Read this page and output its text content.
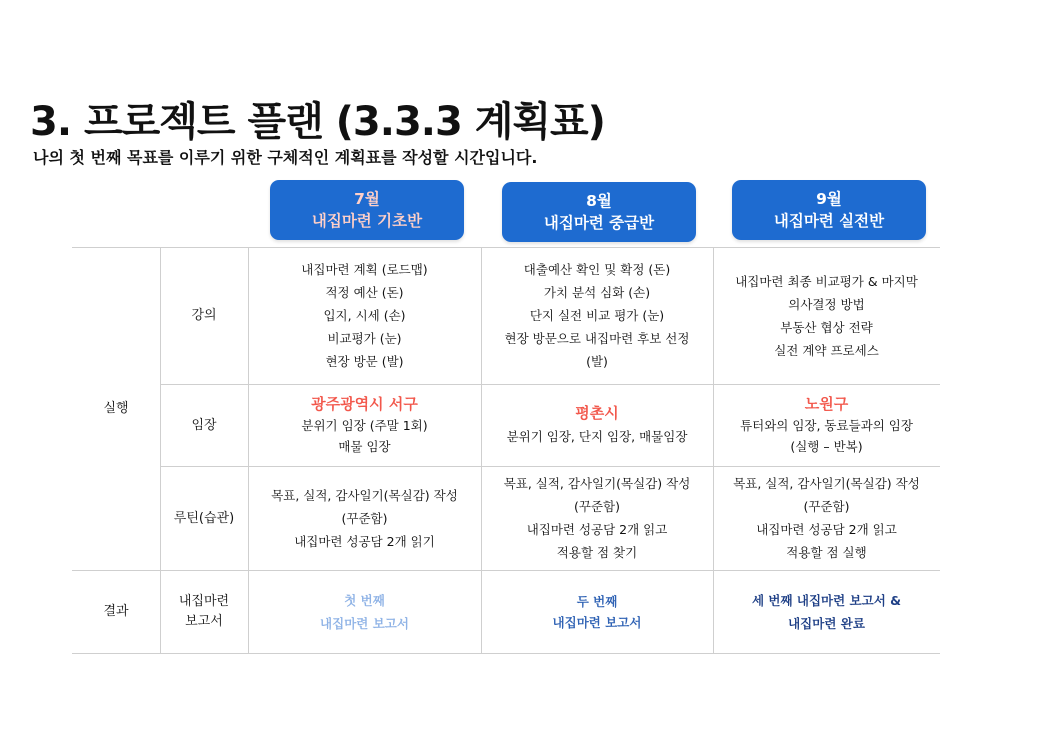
3. 프로젝트 플랜 (3.3.3 계획표)
나의 첫 번째 목표를 이루기 위한 구체적인 계획표를 작성할 시간입니다.
7월
내집마련 기초반
8월
내집마련 중급반
9월
내집마련 실전반
실행
결과
강의
임장
루틴(습관)
내집마련
보고서
내집마련 계획 (로드맵)
적정 예산 (돈)
입지, 시세 (손)
비교평가 (눈)
현장 방문 (발)
대출예산 확인 및 확정 (돈)
가치 분석 심화 (손)
단지 실전 비교 평가 (눈)
현장 방문으로 내집마련 후보 선정
(발)
내집마련 최종 비교평가 & 마지막
의사결정 방법
부동산 협상 전략
실전 계약 프로세스
광주광역시 서구
분위기 임장 (주말 1회)
매물 임장
평촌시
분위기 임장, 단지 임장, 매물임장
노원구
튜터와의 임장, 동료들과의 임장
(실행 – 반복)
목표, 실적, 감사일기(목실감) 작성
(꾸준함)
내집마련 성공담 2개 읽기
목표, 실적, 감사일기(목실감) 작성
(꾸준함)
내집마련 성공담 2개 읽고
적용할 점 찾기
목표, 실적, 감사일기(목실감) 작성
(꾸준함)
내집마련 성공담 2개 읽고
적용할 점 실행
첫 번째
내집마련 보고서
두 번째
내집마련 보고서
세 번째 내집마련 보고서 &
내집마련 완료
